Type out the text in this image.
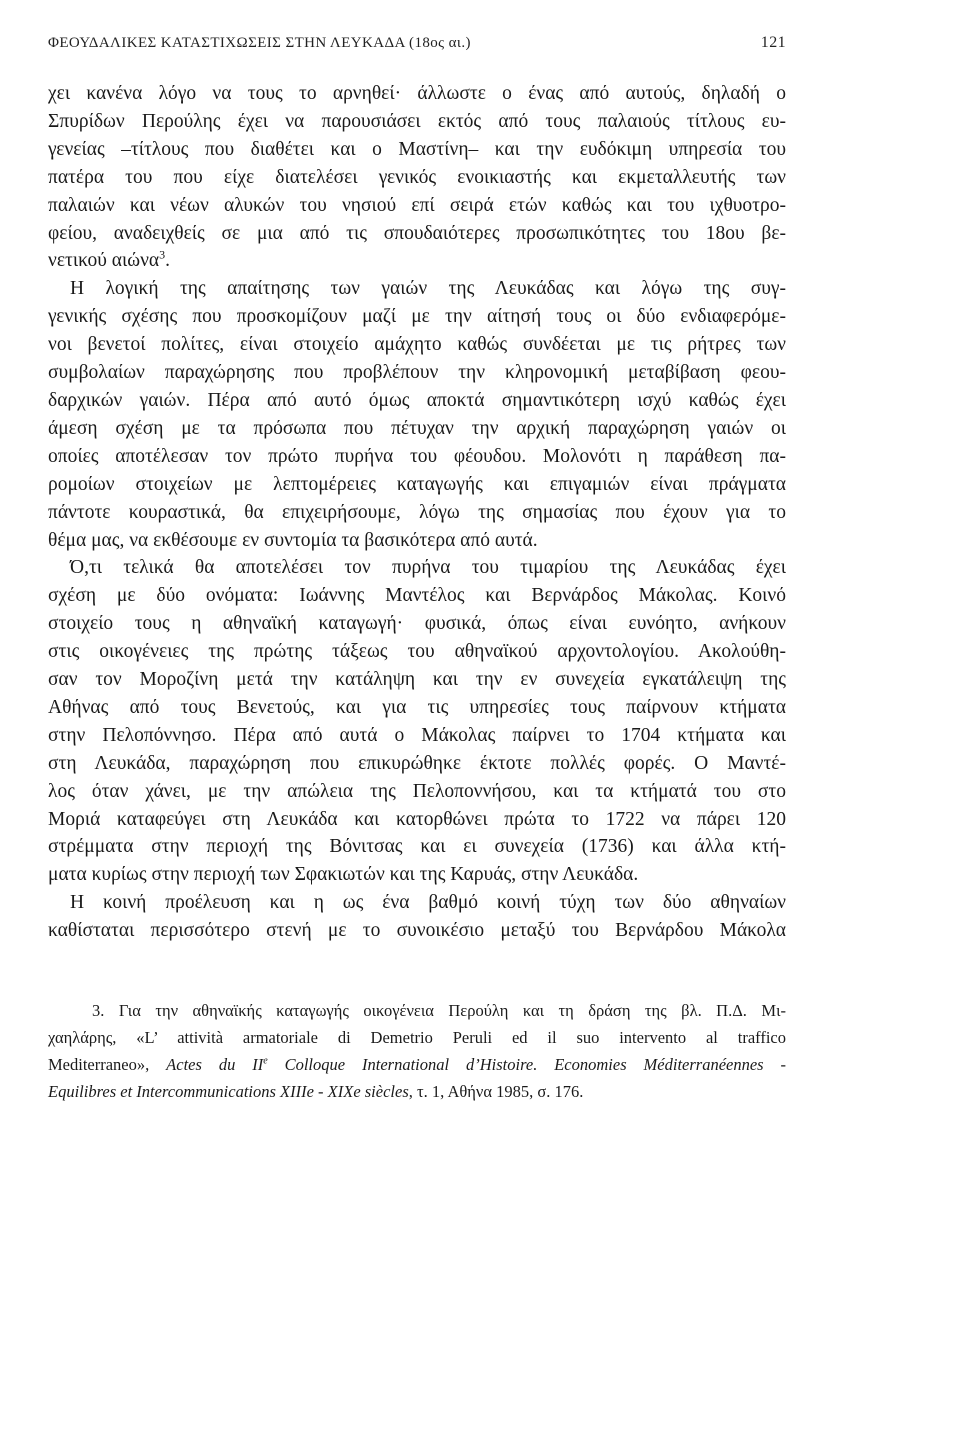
ΦΕΟΥΔΑΛΙΚΕΣ ΚΑΤΑΣΤΙΧΩΣΕΙΣ ΣΤΗΝ ΛΕΥΚΑΔΑ (18ος αι.)	121
χει κανένα λόγο να τους το αρνηθεί· άλλωστε ο ένας από αυτούς, δηλαδή ο
Σπυρίδων Περούλης έχει να παρουσιάσει εκτός από τους παλαιούς τίτλους ευ-
γενείας –τίτλους που διαθέτει και ο Μαστίνη– και την ευδόκιμη υπηρεσία του
πατέρα του που είχε διατελέσει γενικός ενοικιαστής και εκμεταλλευτής των
παλαιών και νέων αλυκών του νησιού επί σειρά ετών καθώς και του ιχθυοτρο-
φείου, αναδειχθείς σε μια από τις σπουδαιότερες προσωπικότητες του 18ου βε-
νετικού αιώνα$^3$.
Η λογική της απαίτησης των γαιών της Λευκάδας και λόγω της συγ-
γενικής σχέσης που προσκομίζουν μαζί με την αίτησή τους οι δύο ενδιαφερόμε-
νοι βενετοί πολίτες, είναι στοιχείο αμάχητο καθώς συνδέεται με τις ρήτρες των
συμβολαίων παραχώρησης που προβλέπουν την κληρονομική μεταβίβαση φεου-
δαρχικών γαιών. Πέρα από αυτό όμως αποκτά σημαντικότερη ισχύ καθώς έχει
άμεση σχέση με τα πρόσωπα που πέτυχαν την αρχική παραχώρηση γαιών οι
οποίες αποτέλεσαν τον πρώτο πυρήνα του φέουδου. Μολονότι η παράθεση πα-
ρομοίων στοιχείων με λεπτομέρειες καταγωγής και επιγαμιών είναι πράγματα
πάντοτε κουραστικά, θα επιχειρήσουμε, λόγω της σημασίας που έχουν για το
θέμα μας, να εκθέσουμε εν συντομία τα βασικότερα από αυτά.
Ό,τι τελικά θα αποτελέσει τον πυρήνα του τιμαρίου της Λευκάδας έχει
σχέση με δύο ονόματα: Ιωάννης Μαντέλος και Βερνάρδος Μάκολας. Κοινό
στοιχείο τους η αθηναϊκή καταγωγή· φυσικά, όπως είναι ευνόητο, ανήκουν
στις οικογένειες της πρώτης τάξεως του αθηναϊκού αρχοντολογίου. Ακολούθη-
σαν τον Μοροζίνη μετά την κατάληψη και την εν συνεχεία εγκατάλειψη της
Αθήνας από τους Βενετούς, και για τις υπηρεσίες τους παίρνουν κτήματα
στην Πελοπόννησο. Πέρα από αυτά ο Μάκολας παίρνει το 1704 κτήματα και
στη Λευκάδα, παραχώρηση που επικυρώθηκε έκτοτε πολλές φορές. Ο Μαντέ-
λος όταν χάνει, με την απώλεια της Πελοποννήσου, και τα κτήματά του στο
Μοριά καταφεύγει στη Λευκάδα και κατορθώνει πρώτα το 1722 να πάρει 120
στρέμματα στην περιοχή της Βόνιτσας και ει συνεχεία (1736) και άλλα κτή-
ματα κυρίως στην περιοχή των Σφακιωτών και της Καρυάς, στην Λευκάδα.
Η κοινή προέλευση και η ως ένα βαθμό κοινή τύχη των δύο αθηναίων
καθίσταται περισσότερο στενή με το συνοικέσιο μεταξύ του Βερνάρδου Μάκολα
3. Για την αθηναϊκής καταγωγής οικογένεια Περούλη και τη δράση της βλ. Π.Δ. Μι-
χαηλάρης, «L’ attività armatoriale di Demetrio Peruli ed il suo intervento al traffico
Mediterraneo», Actes du IIe Colloque International d’Histoire. Economies Méditerranéennes -
Equilibres et Intercommunications XIIIe - XIXe siècles, τ. 1, Αθήνα 1985, σ. 176.
